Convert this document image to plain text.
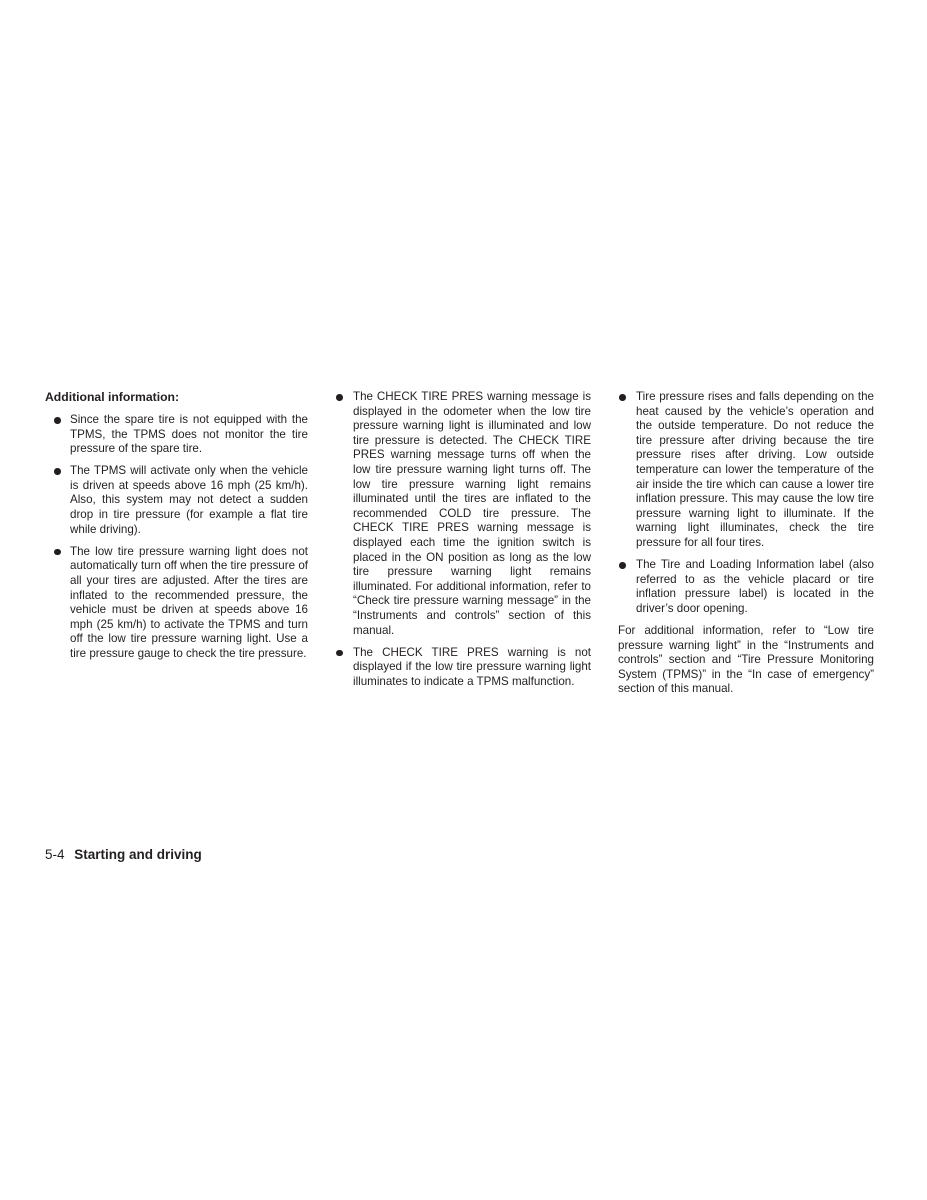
Additional information:
Since the spare tire is not equipped with the TPMS, the TPMS does not monitor the tire pressure of the spare tire.
The TPMS will activate only when the vehicle is driven at speeds above 16 mph (25 km/h). Also, this system may not detect a sudden drop in tire pressure (for example a flat tire while driving).
The low tire pressure warning light does not automatically turn off when the tire pressure of all your tires are adjusted. After the tires are inflated to the recommended pressure, the vehicle must be driven at speeds above 16 mph (25 km/h) to activate the TPMS and turn off the low tire pressure warning light. Use a tire pressure gauge to check the tire pressure.
The CHECK TIRE PRES warning message is displayed in the odometer when the low tire pressure warning light is illuminated and low tire pressure is detected. The CHECK TIRE PRES warning message turns off when the low tire pressure warning light turns off. The low tire pressure warning light remains illuminated until the tires are inflated to the recommended COLD tire pressure. The CHECK TIRE PRES warning message is displayed each time the ignition switch is placed in the ON position as long as the low tire pressure warning light remains illuminated. For additional information, refer to “Check tire pressure warning message” in the “Instruments and controls” section of this manual.
The CHECK TIRE PRES warning is not displayed if the low tire pressure warning light illuminates to indicate a TPMS malfunction.
Tire pressure rises and falls depending on the heat caused by the vehicle’s operation and the outside temperature. Do not reduce the tire pressure after driving because the tire pressure rises after driving. Low outside temperature can lower the temperature of the air inside the tire which can cause a lower tire inflation pressure. This may cause the low tire pressure warning light to illuminate. If the warning light illuminates, check the tire pressure for all four tires.
The Tire and Loading Information label (also referred to as the vehicle placard or tire inflation pressure label) is located in the driver’s door opening.

For additional information, refer to “Low tire pressure warning light” in the “Instruments and controls” section and “Tire Pressure Monitoring System (TPMS)” in the “In case of emergency” section of this manual.

5-4 Starting and driving
